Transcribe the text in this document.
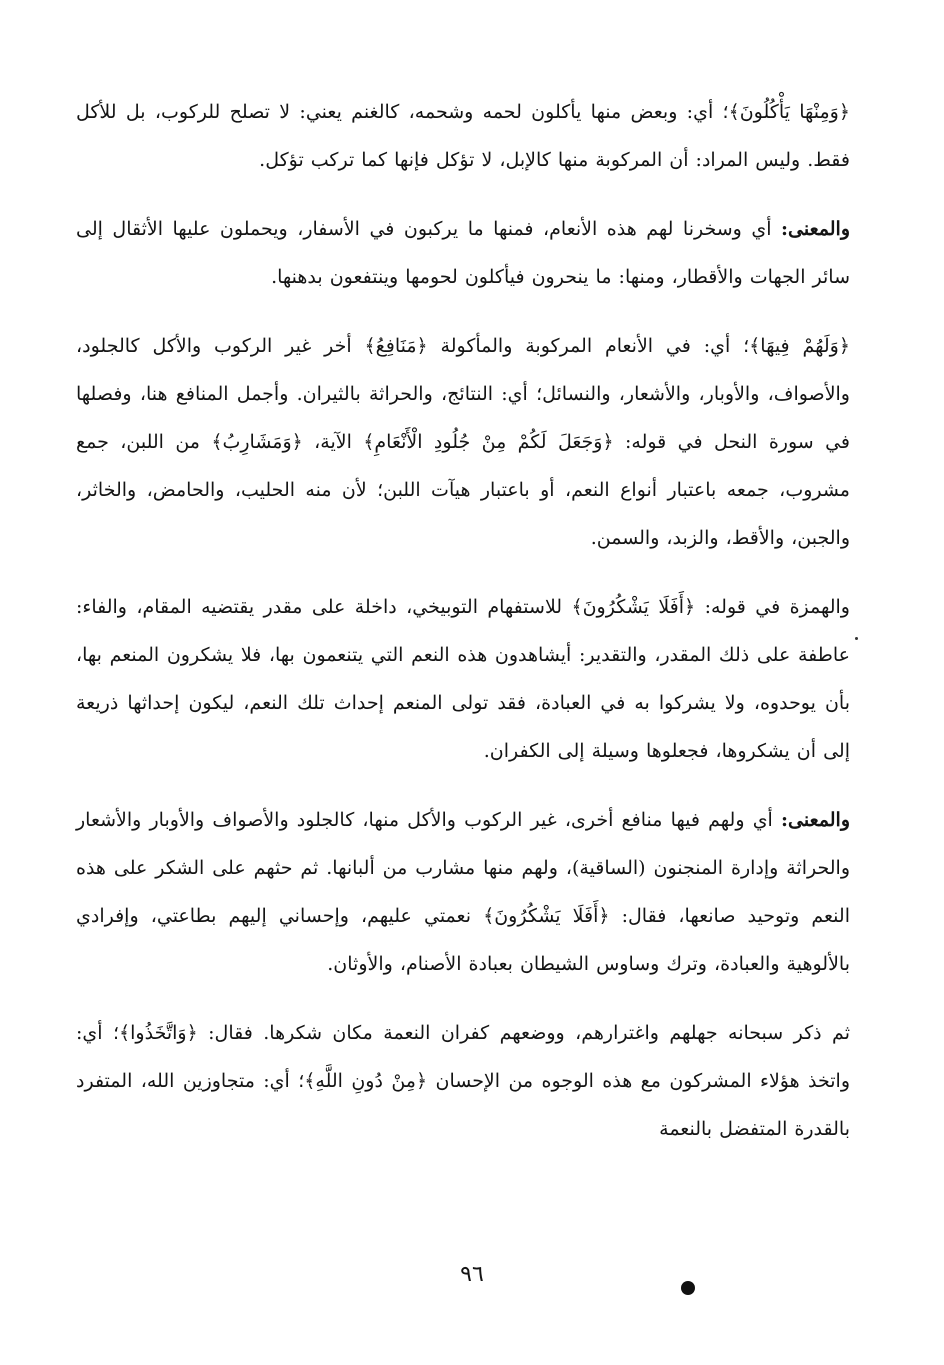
﴿وَمِنْهَا يَأْكُلُونَ﴾؛ أي: وبعض منها يأكلون لحمه وشحمه، كالغنم يعني: لا تصلح للركوب، بل للأكل فقط. وليس المراد: أن المركوبة منها كالإبل، لا تؤكل فإنها كما تركب تؤكل.

والمعنى: أي وسخرنا لهم هذه الأنعام، فمنها ما يركبون في الأسفار، ويحملون عليها الأثقال إلى سائر الجهات والأقطار، ومنها: ما ينحرون فيأكلون لحومها وينتفعون بدهنها.

﴿وَلَهُمْ فِيهَا﴾؛ أي: في الأنعام المركوبة والمأكولة ﴿مَنَافِعُ﴾ أخر غير الركوب والأكل كالجلود، والأصواف، والأوبار، والأشعار، والنسائل؛ أي: النتائج، والحراثة بالثيران. وأجمل المنافع هنا، وفصلها في سورة النحل في قوله: ﴿وَجَعَلَ لَكُمْ مِنْ جُلُودِ الْأَنْعَامِ﴾ الآية، ﴿وَمَشَارِبُ﴾ من اللبن، جمع مشروب، جمعه باعتبار أنواع النعم، أو باعتبار هيآت اللبن؛ لأن منه الحليب، والحامض، والخاثر، والجبن، والأقط، والزبد، والسمن.

والهمزة في قوله: ﴿أَفَلَا يَشْكُرُونَ﴾ للاستفهام التوبيخي، داخلة على مقدر يقتضيه المقام، والفاء: عاطفة على ذلك المقدر، والتقدير: أيشاهدون هذه النعم التي يتنعمون بها، فلا يشكرون المنعم بها، بأن يوحدوه، ولا يشركوا به في العبادة، فقد تولى المنعم إحداث تلك النعم، ليكون إحداثها ذريعة إلى أن يشكروها، فجعلوها وسيلة إلى الكفران.

والمعنى: أي ولهم فيها منافع أخرى، غير الركوب والأكل منها، كالجلود والأصواف والأوبار والأشعار والحراثة وإدارة المنجنون (الساقية)، ولهم منها مشارب من ألبانها. ثم حثهم على الشكر على هذه النعم وتوحيد صانعها، فقال: ﴿أَفَلَا يَشْكُرُونَ﴾ نعمتي عليهم، وإحساني إليهم بطاعتي، وإفرادي بالألوهية والعبادة، وترك وساوس الشيطان بعبادة الأصنام، والأوثان.

ثم ذكر سبحانه جهلهم واغترارهم، ووضعهم كفران النعمة مكان شكرها. فقال: ﴿وَاتَّخَذُوا﴾؛ أي: واتخذ هؤلاء المشركون مع هذه الوجوه من الإحسان ﴿مِنْ دُونِ اللَّهِ﴾؛ أي: متجاوزين الله، المتفرد بالقدرة المتفضل بالنعمة

٩٦
